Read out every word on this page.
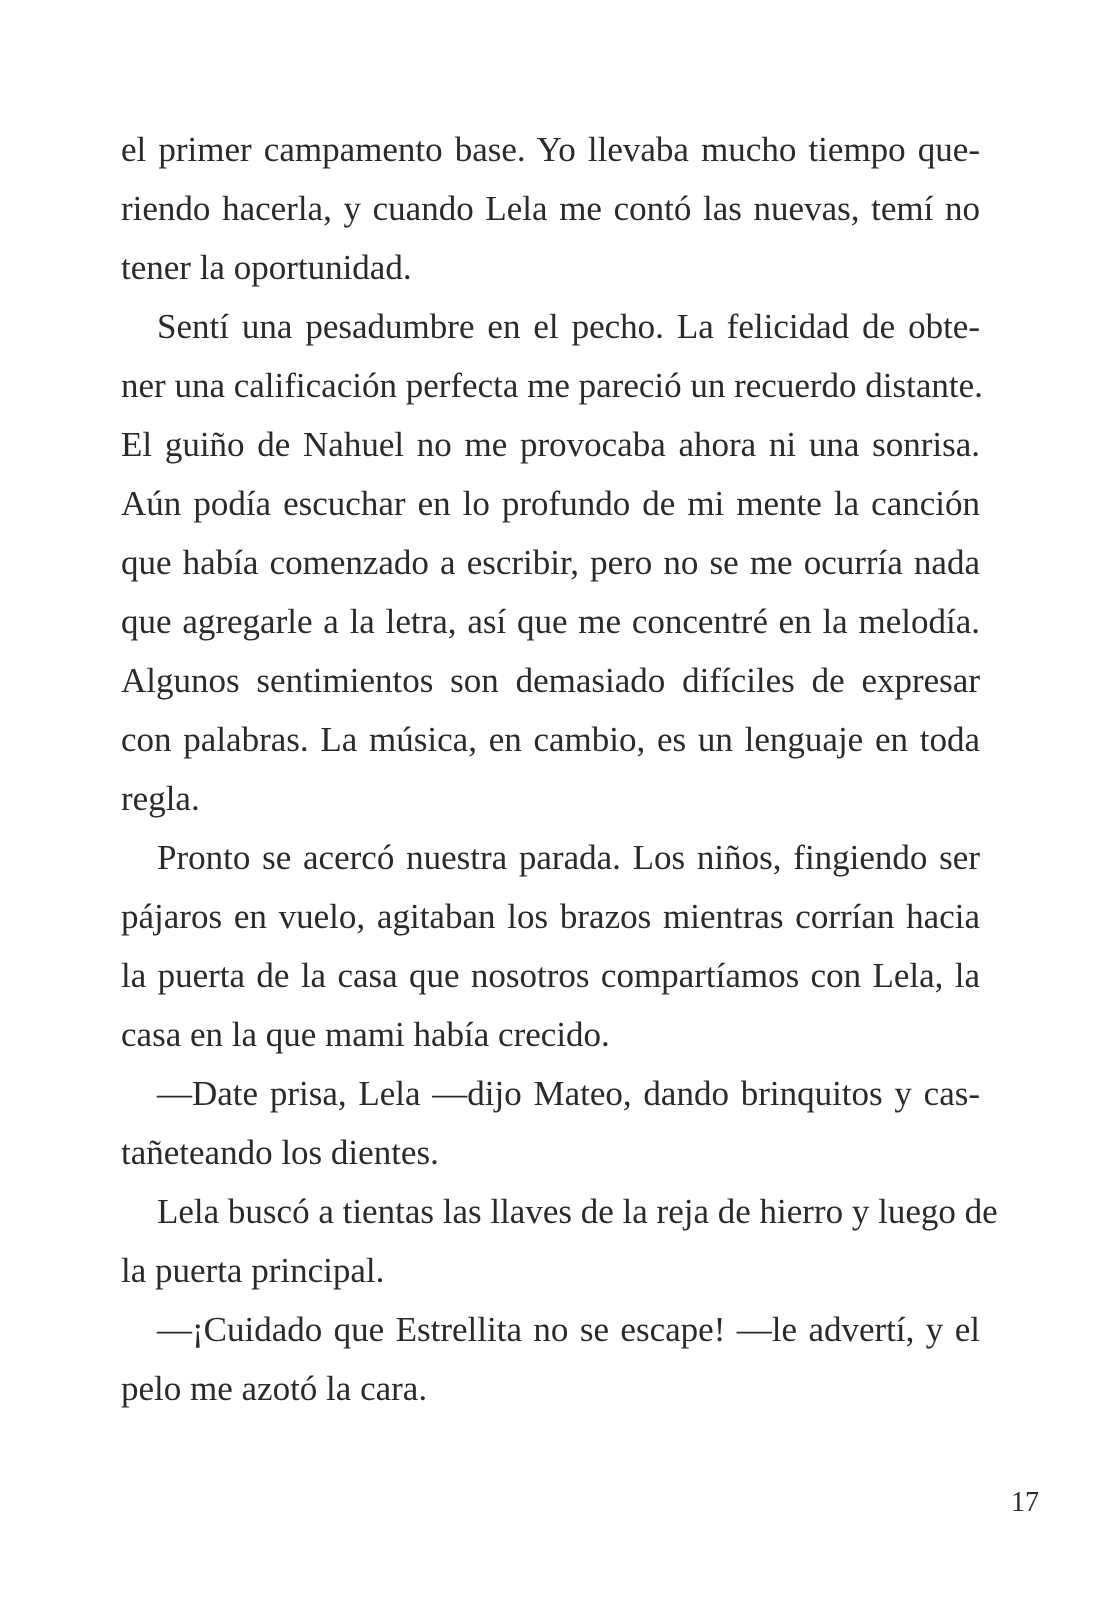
el primer campamento base. Yo llevaba mucho tiempo que-
riendo hacerla, y cuando Lela me contó las nuevas, temí no
tener la oportunidad.
Sentí una pesadumbre en el pecho. La felicidad de obte-
ner una calificación perfecta me pareció un recuerdo distante.
El guiño de Nahuel no me provocaba ahora ni una sonrisa.
Aún podía escuchar en lo profundo de mi mente la canción
que había comenzado a escribir, pero no se me ocurría nada
que agregarle a la letra, así que me concentré en la melodía.
Algunos sentimientos son demasiado difíciles de expresar
con palabras. La música, en cambio, es un lenguaje en toda
regla.
Pronto se acercó nuestra parada. Los niños, fingiendo ser
pájaros en vuelo, agitaban los brazos mientras corrían hacia
la puerta de la casa que nosotros compartíamos con Lela, la
casa en la que mami había crecido.
—Date prisa, Lela —dijo Mateo, dando brinquitos y cas-
tañeteando los dientes.
Lela buscó a tientas las llaves de la reja de hierro y luego de
la puerta principal.
—¡Cuidado que Estrellita no se escape! —le advertí, y el
pelo me azotó la cara.
17
